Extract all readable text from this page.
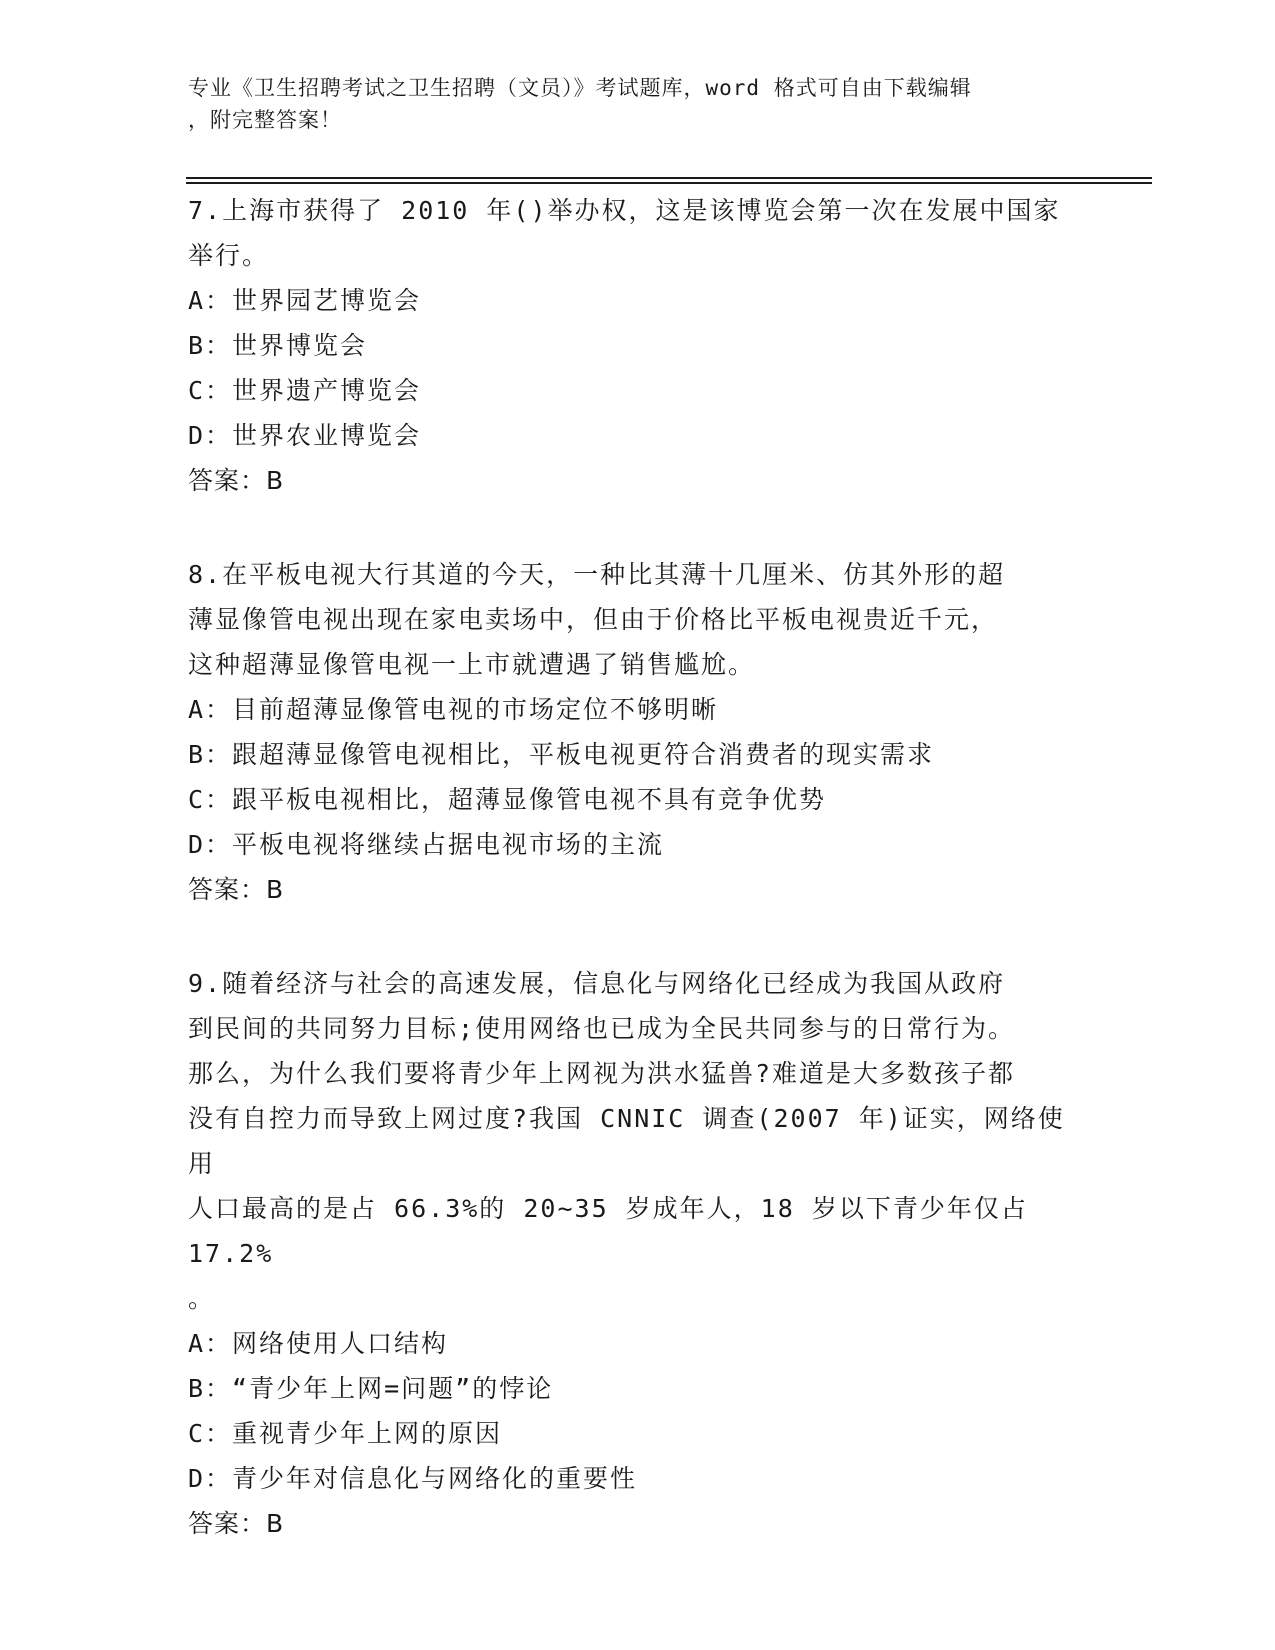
专业《卫生招聘考试之卫生招聘（文员）》考试题库，word 格式可自由下载编辑
，附完整答案！

7.上海市获得了 2010 年()举办权，这是该博览会第一次在发展中国家

举行。

A：世界园艺博览会

B：世界博览会

C：世界遗产博览会

D：世界农业博览会

答案：B

8.在平板电视大行其道的今天，一种比其薄十几厘米、仿其外形的超

薄显像管电视出现在家电卖场中，但由于价格比平板电视贵近千元，

这种超薄显像管电视一上市就遭遇了销售尴尬。

A：目前超薄显像管电视的市场定位不够明晰

B：跟超薄显像管电视相比，平板电视更符合消费者的现实需求

C：跟平板电视相比，超薄显像管电视不具有竞争优势

D：平板电视将继续占据电视市场的主流

答案：B

9.随着经济与社会的高速发展，信息化与网络化已经成为我国从政府

到民间的共同努力目标;使用网络也已成为全民共同参与的日常行为。

那么，为什么我们要将青少年上网视为洪水猛兽?难道是大多数孩子都

没有自控力而导致上网过度?我国 CNNIC 调查(2007 年)证实，网络使用

人口最高的是占 66.3%的 20~35 岁成年人，18 岁以下青少年仅占 17.2%

。

A：网络使用人口结构

B：“青少年上网=问题”的悖论

C：重视青少年上网的原因

D：青少年对信息化与网络化的重要性

答案：B
